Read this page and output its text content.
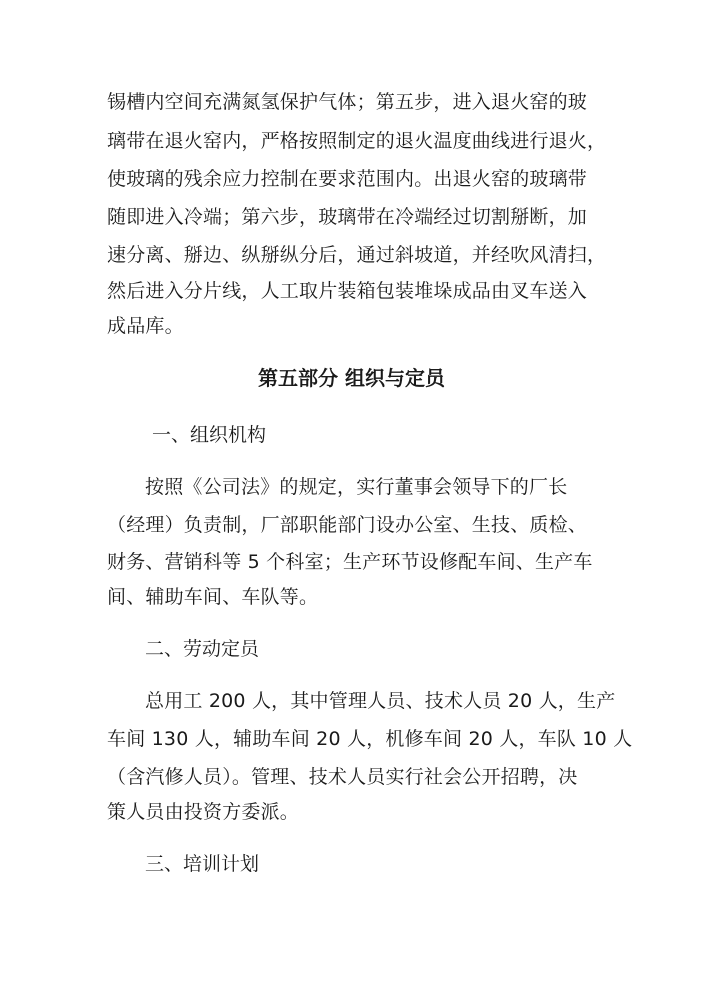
锡槽内空间充满氮氢保护气体；第五步，进入退火窑的玻
璃带在退火窑内，严格按照制定的退火温度曲线进行退火，
使玻璃的残余应力控制在要求范围内。出退火窑的玻璃带
随即进入冷端；第六步，玻璃带在冷端经过切割掰断，加
速分离、掰边、纵掰纵分后，通过斜坡道，并经吹风清扫，
然后进入分片线，人工取片装箱包装堆垛成品由叉车送入
成品库。
第五部分 组织与定员
一、组织机构
按照《公司法》的规定，实行董事会领导下的厂长
（经理）负责制，厂部职能部门设办公室、生技、质检、
财务、营销科等 5 个科室；生产环节设修配车间、生产车
间、辅助车间、车队等。
二、劳动定员
总用工 200 人，其中管理人员、技术人员 20 人，生产
车间 130 人，辅助车间 20 人，机修车间 20 人，车队 10 人
（含汽修人员）。管理、技术人员实行社会公开招聘，决
策人员由投资方委派。
三、培训计划
